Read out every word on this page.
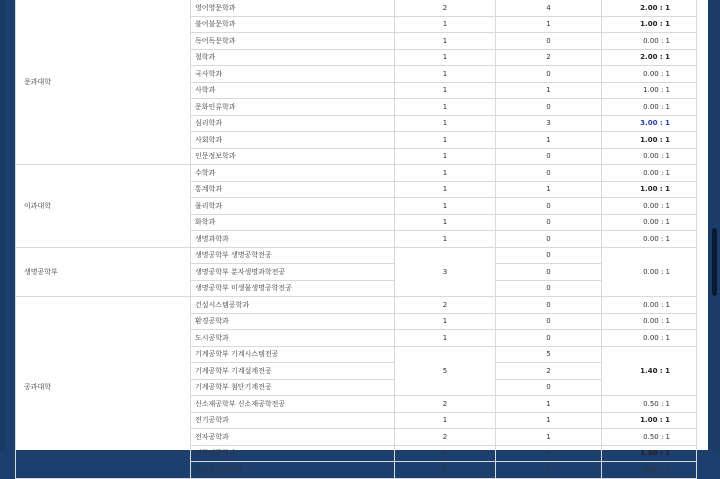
문과대학	영어영문학과	2	4	2.00 : 1
	불어불문학과	1	1	1.00 : 1
	독어독문학과	1	0	0.00 : 1
	철학과	1	2	2.00 : 1
	국사학과	1	0	0.00 : 1
	사학과	1	1	1.00 : 1
	문화인류학과	1	0	0.00 : 1
	심리학과	1	3	3.00 : 1
	사회학과	1	1	1.00 : 1
	인문정보학과	1	0	0.00 : 1
이과대학	수학과	1	0	0.00 : 1
	통계학과	1	1	1.00 : 1
	물리학과	1	0	0.00 : 1
	화학과	1	0	0.00 : 1
	생명과학과	1	0	0.00 : 1
생명공학부	생명공학부 생명공학전공	3	0	0.00 : 1
	생명공학부 분자생명과학전공		0	
	생명공학부 미생물생명공학전공		0	
공과대학	건설시스템공학과	2	0	0.00 : 1
	환경공학과	1	0	0.00 : 1
	도시공학과	1	0	0.00 : 1
	기계공학부 기계시스템전공	5	5	1.40 : 1
	기계공학부 기계설계전공		2	
	기계공학부 첨단기계전공		0	
	신소재공학부 신소재공학전공	2	1	0.50 : 1
	전기공학과	1	1	1.00 : 1
	전자공학과	2	1	0.50 : 1
	컴퓨터공학과	2	3	1.50 : 1
	정보통신공학과	2	1	0.50 : 1
